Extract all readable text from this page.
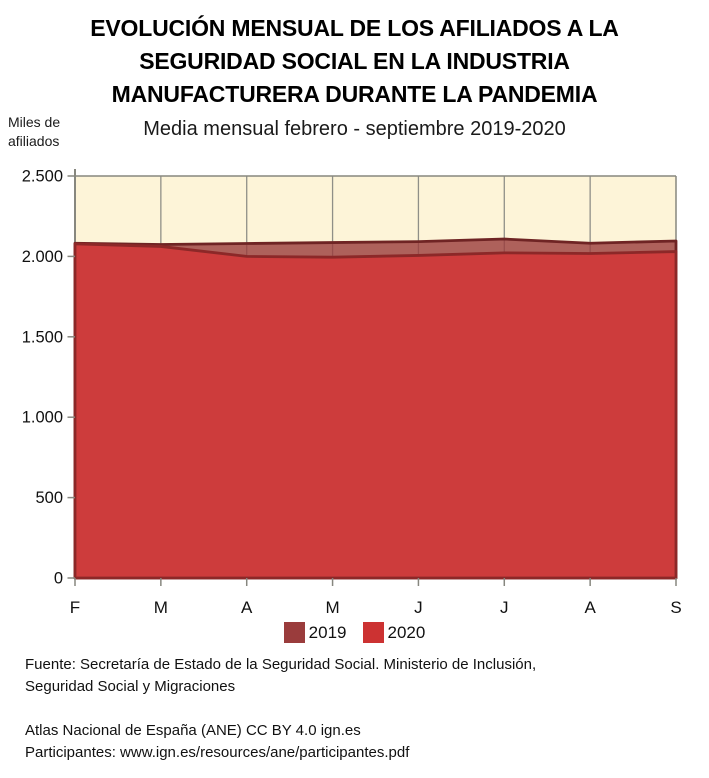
EVOLUCIÓN MENSUAL DE LOS AFILIADOS A LA
SEGURIDAD SOCIAL EN LA INDUSTRIA
MANUFACTURERA DURANTE LA PANDEMIA
Media mensual febrero - septiembre 2019-2020
Miles de afiliados
0
500
1.000
1.500
2.000
2.500
F	M	A	M	J	J	A	S
2019 2020
Fuente: Secretaría de Estado de la Seguridad Social. Ministerio de Inclusión,
Seguridad Social y Migraciones
Atlas Nacional de España (ANE) CC BY 4.0 ign.es
Participantes: www.ign.es/resources/ane/participantes.pdf
